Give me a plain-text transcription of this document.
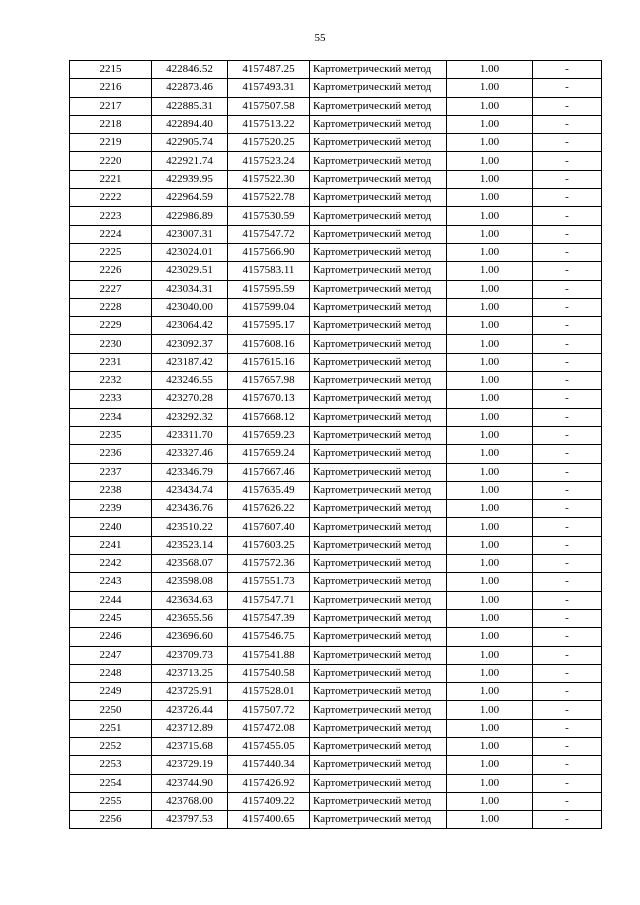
55
2215	422846.52	4157487.25	Картометрический метод	1.00	-
2216	422873.46	4157493.31	Картометрический метод	1.00	-
2217	422885.31	4157507.58	Картометрический метод	1.00	-
2218	422894.40	4157513.22	Картометрический метод	1.00	-
2219	422905.74	4157520.25	Картометрический метод	1.00	-
2220	422921.74	4157523.24	Картометрический метод	1.00	-
2221	422939.95	4157522.30	Картометрический метод	1.00	-
2222	422964.59	4157522.78	Картометрический метод	1.00	-
2223	422986.89	4157530.59	Картометрический метод	1.00	-
2224	423007.31	4157547.72	Картометрический метод	1.00	-
2225	423024.01	4157566.90	Картометрический метод	1.00	-
2226	423029.51	4157583.11	Картометрический метод	1.00	-
2227	423034.31	4157595.59	Картометрический метод	1.00	-
2228	423040.00	4157599.04	Картометрический метод	1.00	-
2229	423064.42	4157595.17	Картометрический метод	1.00	-
2230	423092.37	4157608.16	Картометрический метод	1.00	-
2231	423187.42	4157615.16	Картометрический метод	1.00	-
2232	423246.55	4157657.98	Картометрический метод	1.00	-
2233	423270.28	4157670.13	Картометрический метод	1.00	-
2234	423292.32	4157668.12	Картометрический метод	1.00	-
2235	423311.70	4157659.23	Картометрический метод	1.00	-
2236	423327.46	4157659.24	Картометрический метод	1.00	-
2237	423346.79	4157667.46	Картометрический метод	1.00	-
2238	423434.74	4157635.49	Картометрический метод	1.00	-
2239	423436.76	4157626.22	Картометрический метод	1.00	-
2240	423510.22	4157607.40	Картометрический метод	1.00	-
2241	423523.14	4157603.25	Картометрический метод	1.00	-
2242	423568.07	4157572.36	Картометрический метод	1.00	-
2243	423598.08	4157551.73	Картометрический метод	1.00	-
2244	423634.63	4157547.71	Картометрический метод	1.00	-
2245	423655.56	4157547.39	Картометрический метод	1.00	-
2246	423696.60	4157546.75	Картометрический метод	1.00	-
2247	423709.73	4157541.88	Картометрический метод	1.00	-
2248	423713.25	4157540.58	Картометрический метод	1.00	-
2249	423725.91	4157528.01	Картометрический метод	1.00	-
2250	423726.44	4157507.72	Картометрический метод	1.00	-
2251	423712.89	4157472.08	Картометрический метод	1.00	-
2252	423715.68	4157455.05	Картометрический метод	1.00	-
2253	423729.19	4157440.34	Картометрический метод	1.00	-
2254	423744.90	4157426.92	Картометрический метод	1.00	-
2255	423768.00	4157409.22	Картометрический метод	1.00	-
2256	423797.53	4157400.65	Картометрический метод	1.00	-
